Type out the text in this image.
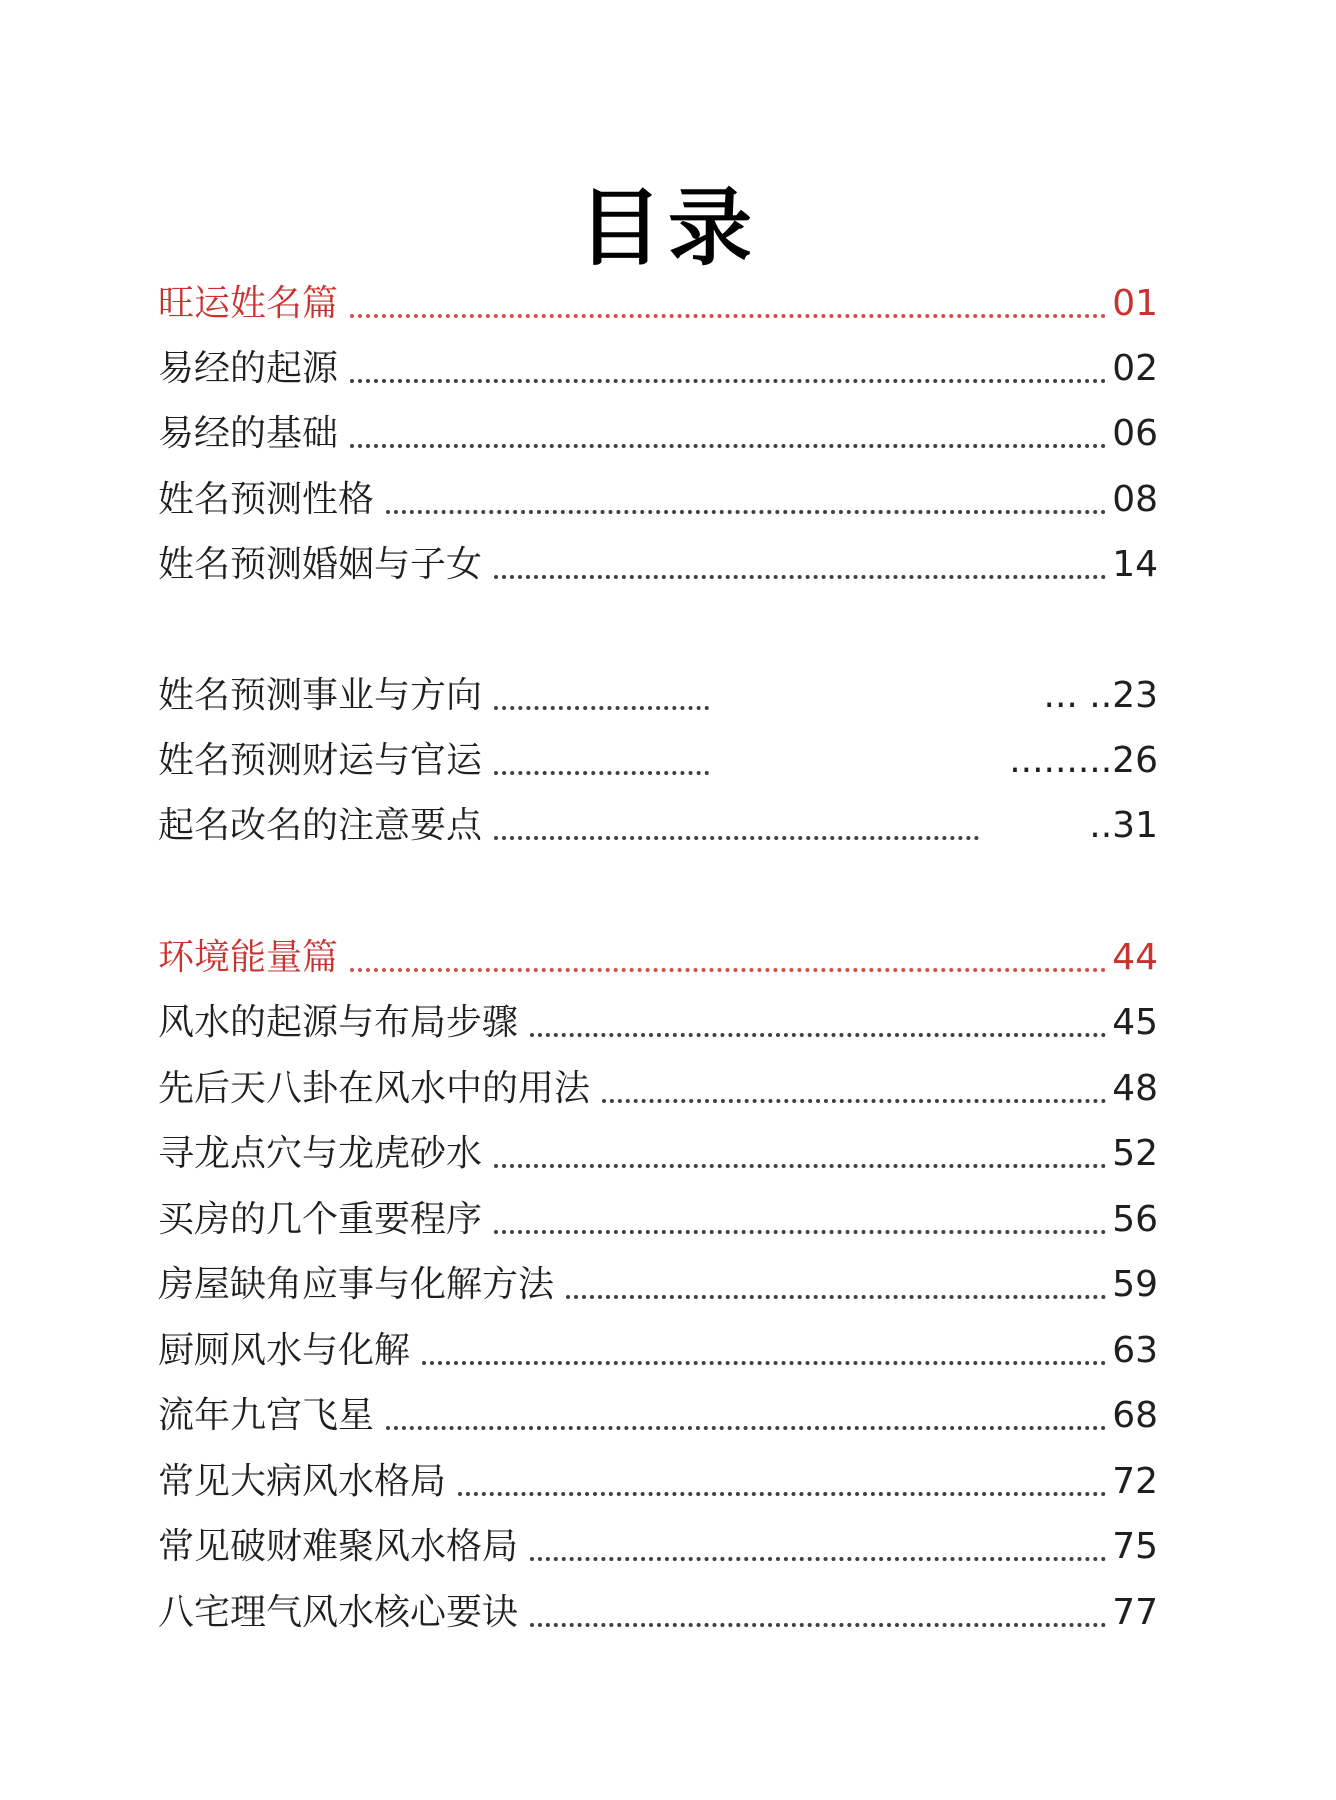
目录
旺运姓名篇	01
易经的起源	02
易经的基础	06
姓名预测性格	08
姓名预测婚姻与子女	14
姓名预测事业与方向	... ..23
姓名预测财运与官运	.........26
起名改名的注意要点	..31
环境能量篇	44
风水的起源与布局步骤	45
先后天八卦在风水中的用法	48
寻龙点穴与龙虎砂水	52
买房的几个重要程序	56
房屋缺角应事与化解方法	59
厨厕风水与化解	63
流年九宫飞星	68
常见大病风水格局	72
常见破财难聚风水格局	75
八宅理气风水核心要诀	77
